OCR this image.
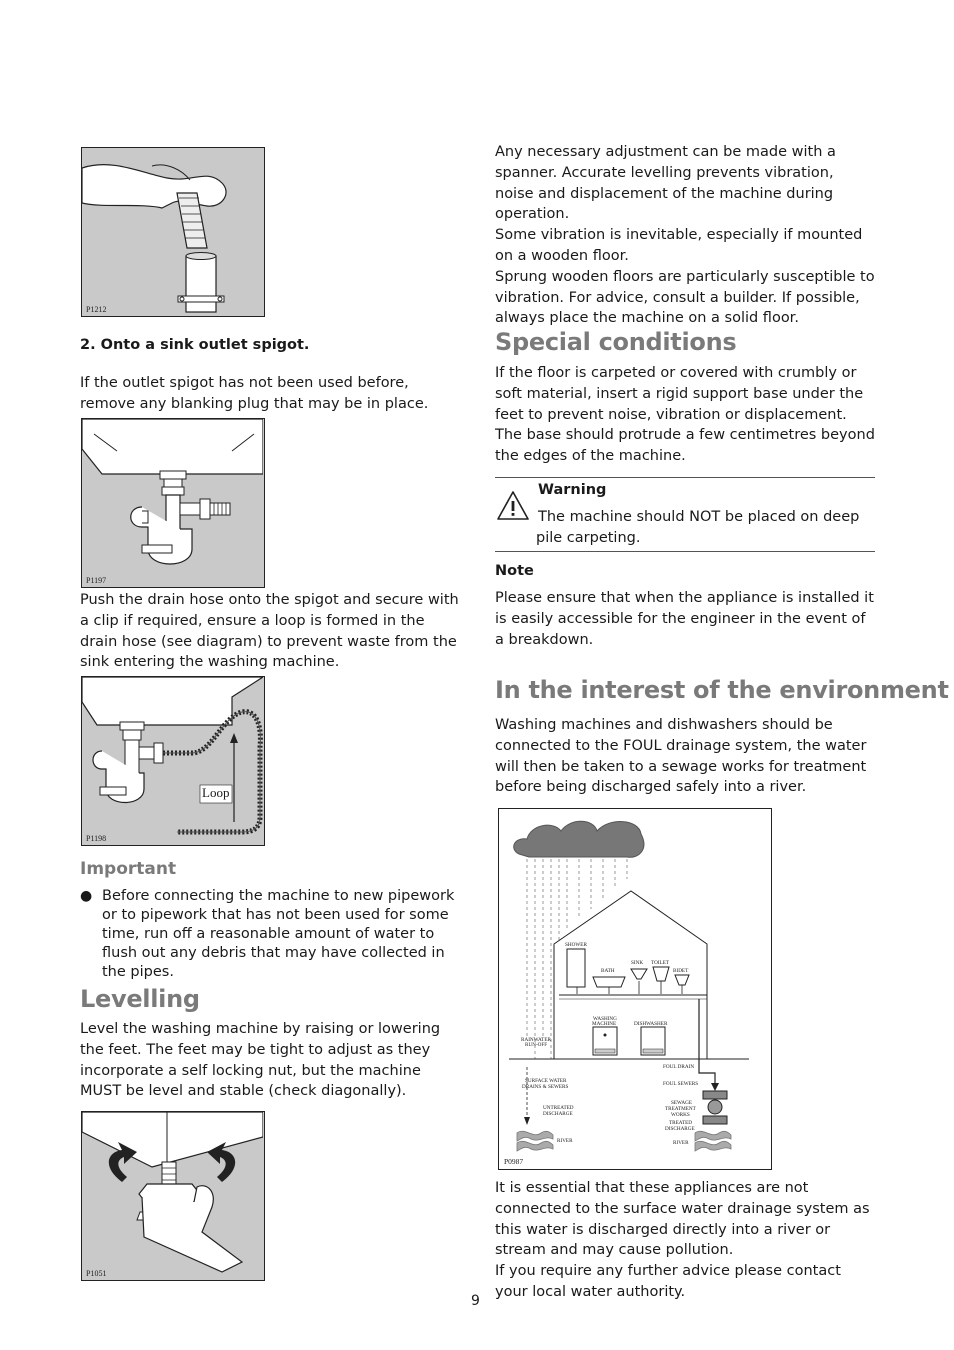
P1212

2. Onto a sink outlet spigot.

If the outlet spigot has not been used before, remove any blanking plug that may be in place.

P1197

Push the drain hose onto the spigot and secure with a clip if required, ensure a loop is formed in the drain hose (see diagram) to prevent waste from the sink entering the washing machine.

Loop
P1198

Important

● Before connecting the machine to new pipework or to pipework that has not been used for some time, run off a reasonable amount of water to flush out any debris that may have collected in the pipes.

Levelling

Level the washing machine by raising or lowering the feet. The feet may be tight to adjust as they incorporate a self locking nut, but the machine MUST be level and stable (check diagonally).

P1051

Any necessary adjustment can be made with a spanner. Accurate levelling prevents vibration, noise and displacement of the machine during operation.

Some vibration is inevitable, especially if mounted on a wooden floor.

Sprung wooden floors are particularly susceptible to vibration. For advice, consult a builder. If possible, always place the machine on a solid floor.

Special conditions

If the floor is carpeted or covered with crumbly or soft material, insert a rigid support base under the feet to prevent noise, vibration or displacement. The base should protrude a few centimetres beyond the edges of the machine.

Warning

The machine should NOT be placed on deep pile carpeting.

Note

Please ensure that when the appliance is installed it is easily accessible for the engineer in the event of a breakdown.

In the interest of the environment

Washing machines and dishwashers should be connected to the FOUL drainage system, the water will then be taken to a sewage works for treatment before being discharged safely into a river.

SHOWER
BATH
SINK TOILET
BIDET
WASHING
MACHINE	DISHWASHER
RAINWATER
RUN-OFF
FOUL DRAIN
FOUL SEWERS
SURFACE WATER
DRAINS & SEWERS
UNTREATED
DISCHARGE
SEWAGE
TREATMENT
WORKS
TREATED
DISCHARGE
RIVER	RIVER
P0987

It is essential that these appliances are not connected to the surface water drainage system as this water is discharged directly into a river or stream and may cause pollution.

If you require any further advice please contact your local water authority.

9
